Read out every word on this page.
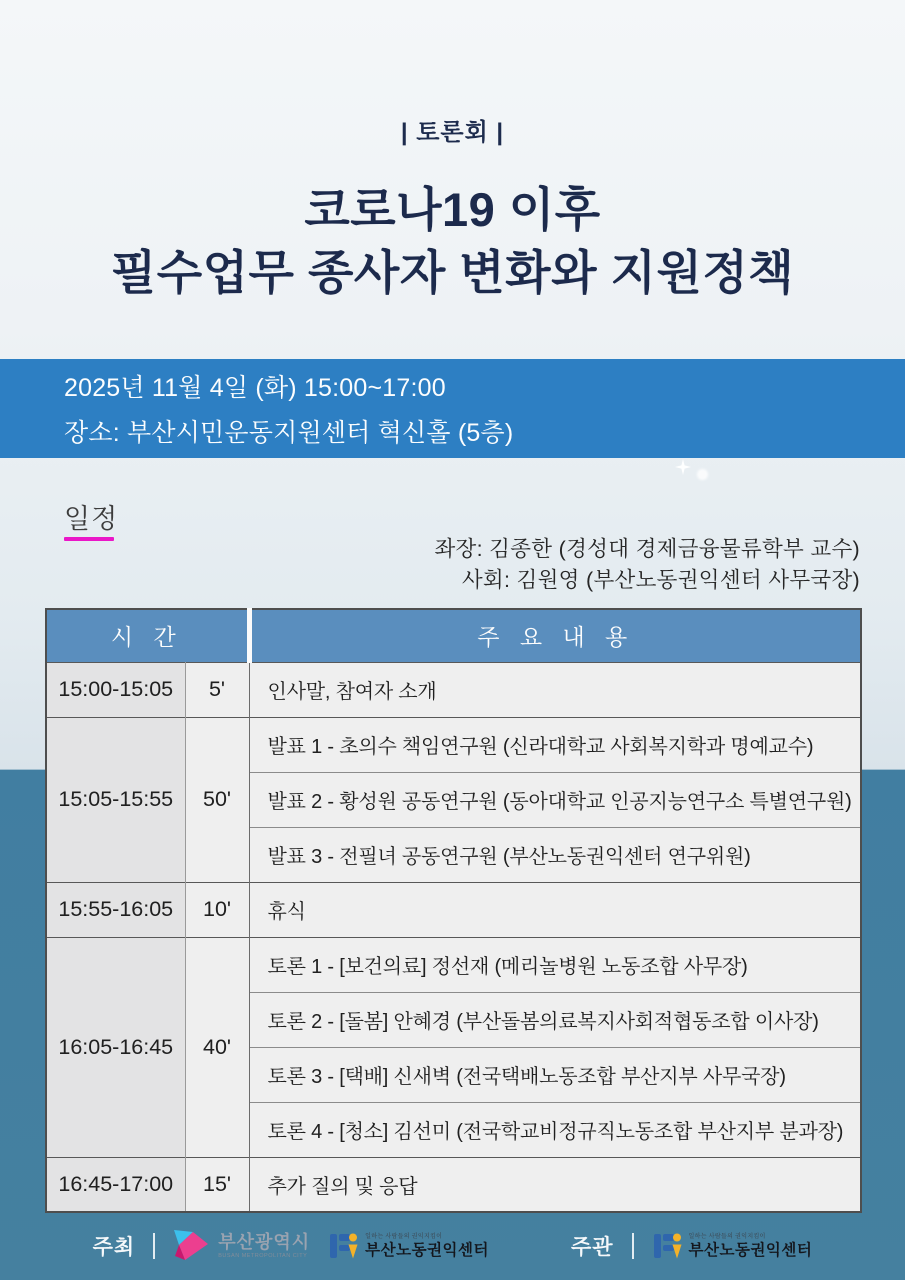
| 토론회 |
코로나19 이후
필수업무 종사자 변화와 지원정책
2025년 11월 4일 (화) 15:00~17:00
장소: 부산시민운동지원센터 혁신홀 (5층)
일정
좌장: 김종한 (경성대 경제금융물류학부 교수)
사회: 김원영 (부산노동권익센터 사무국장)
시 간		주 요 내 용
15:00-15:05	5'	인사말, 참여자 소개
15:05-15:55	50'	발표 1 - 초의수 책임연구원 (신라대학교 사회복지학과 명예교수)
		발표 2 - 황성원 공동연구원 (동아대학교 인공지능연구소 특별연구원)
		발표 3 - 전필녀 공동연구원 (부산노동권익센터 연구위원)
15:55-16:05	10'	휴식
16:05-16:45	40'	토론 1 - [보건의료] 정선재 (메리놀병원 노동조합 사무장)
		토론 2 - [돌봄] 안혜경 (부산돌봄의료복지사회적협동조합 이사장)
		토론 3 - [택배] 신새벽 (전국택배노동조합 부산지부 사무국장)
		토론 4 - [청소] 김선미 (전국학교비정규직노동조합 부산지부 분과장)
16:45-17:00	15'	추가 질의 및 응답
주최	부산광역시
BUSAN METROPOLITAN CITY
일하는 사람들의 권익지킴이
부산노동권익센터	주관	일하는 사람들의 권익지킴이
부산노동권익센터
